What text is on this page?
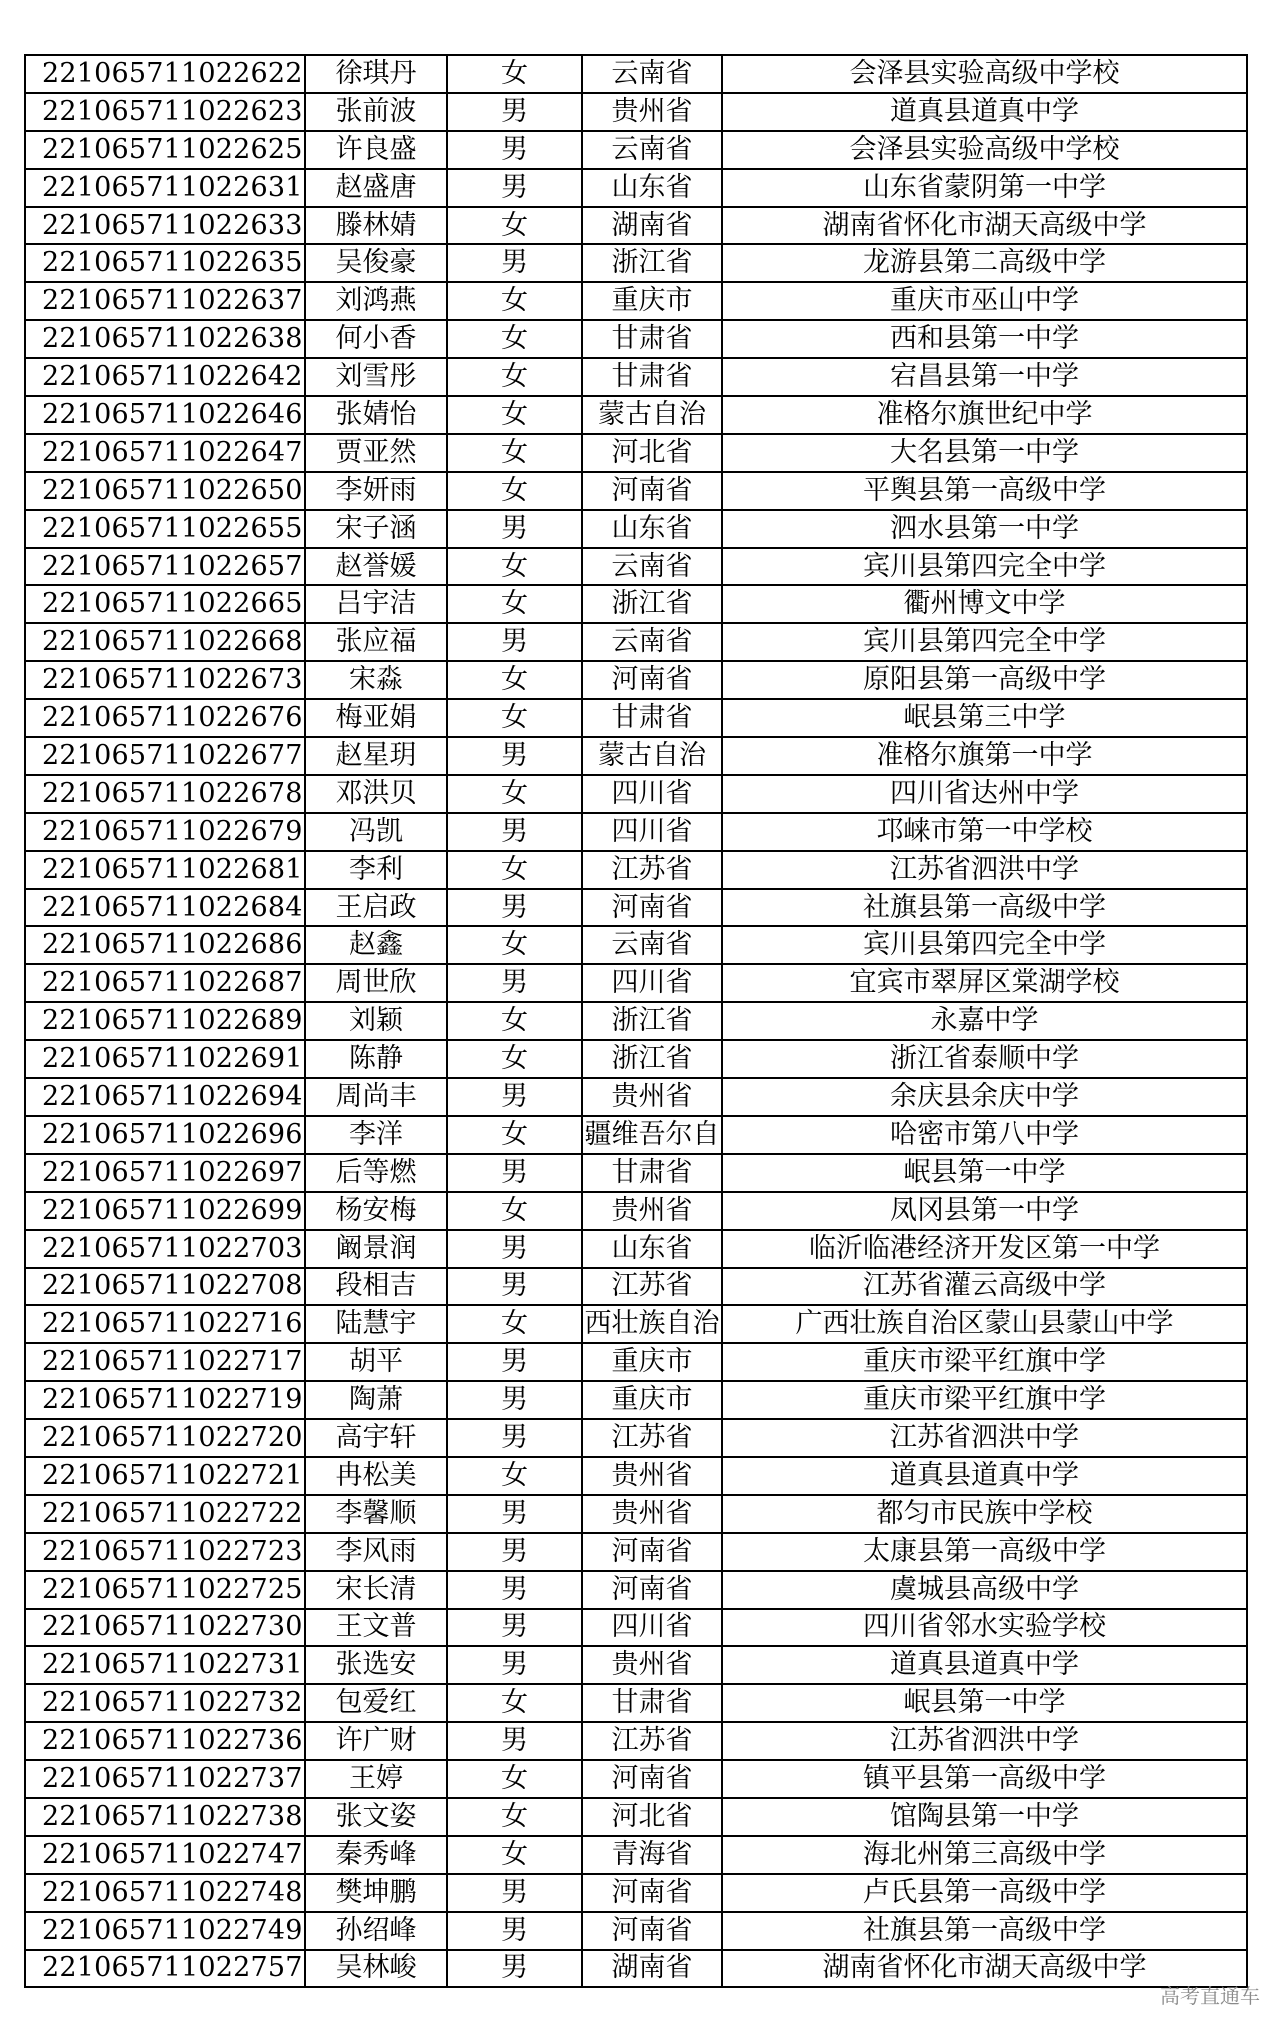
221065711022622	徐琪丹	女	云南省	会泽县实验高级中学校
221065711022623	张前波	男	贵州省	道真县道真中学
221065711022625	许良盛	男	云南省	会泽县实验高级中学校
221065711022631	赵盛唐	男	山东省	山东省蒙阴第一中学
221065711022633	滕林婧	女	湖南省	湖南省怀化市湖天高级中学
221065711022635	吴俊豪	男	浙江省	龙游县第二高级中学
221065711022637	刘鸿燕	女	重庆市	重庆市巫山中学
221065711022638	何小香	女	甘肃省	西和县第一中学
221065711022642	刘雪彤	女	甘肃省	宕昌县第一中学
221065711022646	张婧怡	女	蒙古自治	准格尔旗世纪中学
221065711022647	贾亚然	女	河北省	大名县第一中学
221065711022650	李妍雨	女	河南省	平舆县第一高级中学
221065711022655	宋子涵	男	山东省	泗水县第一中学
221065711022657	赵誉媛	女	云南省	宾川县第四完全中学
221065711022665	吕宇洁	女	浙江省	衢州博文中学
221065711022668	张应福	男	云南省	宾川县第四完全中学
221065711022673	宋淼	女	河南省	原阳县第一高级中学
221065711022676	梅亚娟	女	甘肃省	岷县第三中学
221065711022677	赵星玥	男	蒙古自治	准格尔旗第一中学
221065711022678	邓洪贝	女	四川省	四川省达州中学
221065711022679	冯凯	男	四川省	邛崃市第一中学校
221065711022681	李利	女	江苏省	江苏省泗洪中学
221065711022684	王启政	男	河南省	社旗县第一高级中学
221065711022686	赵鑫	女	云南省	宾川县第四完全中学
221065711022687	周世欣	男	四川省	宜宾市翠屏区棠湖学校
221065711022689	刘颖	女	浙江省	永嘉中学
221065711022691	陈静	女	浙江省	浙江省泰顺中学
221065711022694	周尚丰	男	贵州省	余庆县余庆中学
221065711022696	李洋	女	疆维吾尔自	哈密市第八中学
221065711022697	后等燃	男	甘肃省	岷县第一中学
221065711022699	杨安梅	女	贵州省	凤冈县第一中学
221065711022703	阚景润	男	山东省	临沂临港经济开发区第一中学
221065711022708	段相吉	男	江苏省	江苏省灌云高级中学
221065711022716	陆慧宇	女	西壮族自治	广西壮族自治区蒙山县蒙山中学
221065711022717	胡平	男	重庆市	重庆市梁平红旗中学
221065711022719	陶萧	男	重庆市	重庆市梁平红旗中学
221065711022720	高宇轩	男	江苏省	江苏省泗洪中学
221065711022721	冉松美	女	贵州省	道真县道真中学
221065711022722	李馨顺	男	贵州省	都匀市民族中学校
221065711022723	李风雨	男	河南省	太康县第一高级中学
221065711022725	宋长清	男	河南省	虞城县高级中学
221065711022730	王文普	男	四川省	四川省邻水实验学校
221065711022731	张选安	男	贵州省	道真县道真中学
221065711022732	包爱红	女	甘肃省	岷县第一中学
221065711022736	许广财	男	江苏省	江苏省泗洪中学
221065711022737	王婷	女	河南省	镇平县第一高级中学
221065711022738	张文姿	女	河北省	馆陶县第一中学
221065711022747	秦秀峰	女	青海省	海北州第三高级中学
221065711022748	樊坤鹏	男	河南省	卢氏县第一高级中学
221065711022749	孙绍峰	男	河南省	社旗县第一高级中学
221065711022757	吴林峻	男	湖南省	湖南省怀化市湖天高级中学
高考直通车
